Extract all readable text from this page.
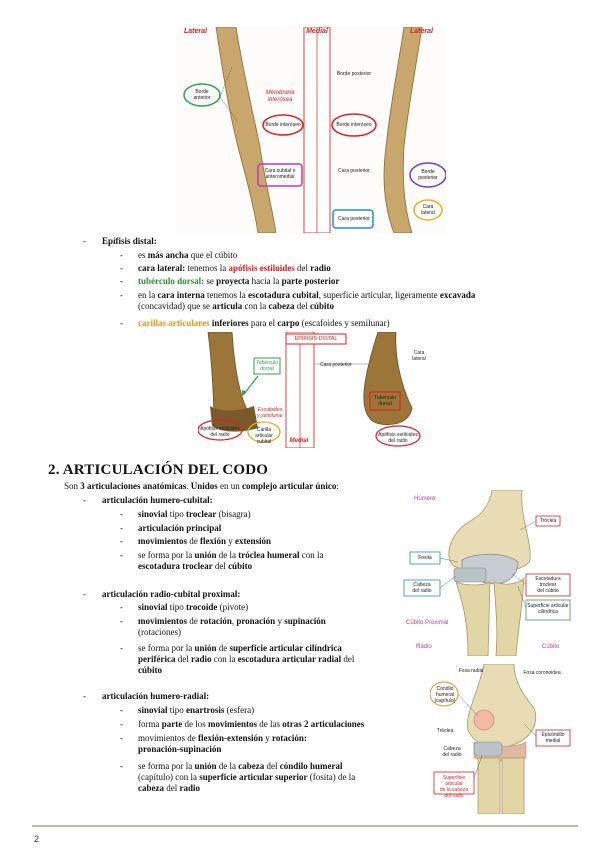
Lateral	Medial	Lateral
Borde anterior
Membrana
interósea
Borde interóseo
Cara cubital o
anteromedial
Borde posterior
Borde interóseo
Cara posterior	Borde
posterior
Cara
lateral
Cara posterior
- Epífisis distal:
- es más ancha que el cúbito
- cara lateral: tenemos la apófisis estiloides del radio
- tubérculo dorsal: se proyecta hacia la parte posterior
- en la cara interna tenemos la escotadura cubital, superficie articular, ligeramente excavada
(concavidad) que se articula con la cabeza del cúbito
- carillas articulares inferiores para el carpo (escafoides y semilunar)
EPÍFISIS DISTAL
Tubérculo
dorsal
Escafoides
y semilunar
Apófisis estiloides
del radio
Carilla articular
cubital	Medial
Cara posterior
Cara
lateral
Tubérculo
dorsal
Apófisis estiloides
del radio
2. ARTICULACIÓN DEL CODO
Son 3 articulaciones anatómicas. Unidos en un complejo articular único:
- articulación humero-cubital:
- sinovial tipo troclear (bisagra)
- articulación principal
- movimientos de flexión y extensión
- se forma por la unión de la tróclea humeral con la
escotadura troclear del cúbito
- articulación radio-cubital proximal:
- sinovial tipo trocoide (pivote)
- movimientos de rotación, pronación y supinación
(rotaciones)
- se forma por la unión de superficie articular cilíndrica
periférica del radio con la escotadura articular radial del
cúbito
- articulación humero-radial:
- sinovial tipo enartrosis (esfera)
- forma parte de los movimientos de las otras 2 articulaciones
- movimientos de flexión-extensión y rotación:
pronación-supinación
- se forma por la unión de la cabeza del cóndilo humeral
(capítulo) con la superficie articular superior (fosita) de la
cabeza del radio
Húmero
Tróclea
Fosita
Cabeza
del radio
Escotadura
troclear
del cúbito
Superficie articular
cilíndrica
Cúbito Proximal
Radio	Cúbito
Fosa radial	Fosa coronoidea
Cóndilo
humeral
(capítulo)
Tróclea
Epicóndilo
medial
Cabeza
del radio
Superficie articular
de la cabeza
del radio
2
